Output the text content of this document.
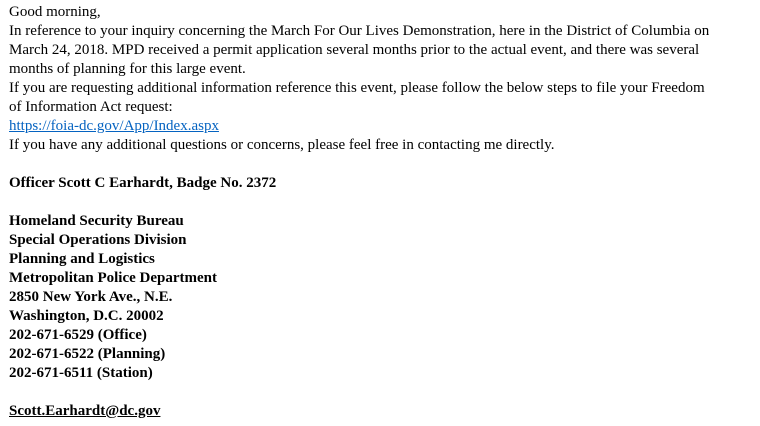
Good morning,
In reference to your inquiry concerning the March For Our Lives Demonstration, here in the District of Columbia on
March 24, 2018. MPD received a permit application several months prior to the actual event, and there was several
months of planning for this large event.
If you are requesting additional information reference this event, please follow the below steps to file your Freedom
of Information Act request:
https://foia-dc.gov/App/Index.aspx
If you have any additional questions or concerns, please feel free in contacting me directly.
Officer Scott C Earhardt, Badge No. 2372
Homeland Security Bureau
Special Operations Division
Planning and Logistics
Metropolitan Police Department
2850 New York Ave., N.E.
Washington, D.C. 20002
202-671-6529 (Office)
202-671-6522 (Planning)
202-671-6511 (Station)
Scott.Earhardt@dc.gov
